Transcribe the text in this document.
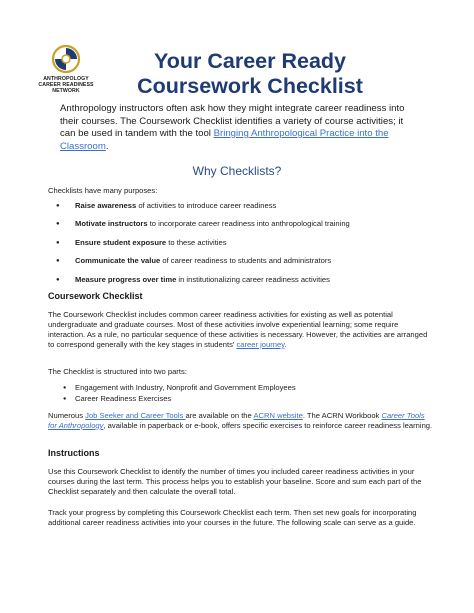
ANTHROPOLOGY
CAREER READINESS
NETWORK
Your Career Ready
Coursework Checklist
Anthropology instructors often ask how they might integrate career readiness into their courses. The Coursework Checklist identifies a variety of course activities; it can be used in tandem with the tool Bringing Anthropological Practice into the Classroom.
Why Checklists?
Checklists have many purposes:
● Raise awareness of activities to introduce career readiness
● Motivate instructors to incorporate career readiness into anthropological training
● Ensure student exposure to these activities
● Communicate the value of career readiness to students and administrators
● Measure progress over time in institutionalizing career readiness activities
Coursework Checklist
The Coursework Checklist includes common career readiness activities for existing as well as potential undergraduate and graduate courses. Most of these activities involve experiential learning; some require interaction. As a rule, no particular sequence of these activities is necessary. However, the activities are arranged to correspond generally with the key stages in students' career journey.
The Checklist is structured into two parts:
● Engagement with Industry, Nonprofit and Government Employees
● Career Readiness Exercises
Numerous Job Seeker and Career Tools are available on the ACRN website. The ACRN Workbook Career Tools for Anthropology, available in paperback or e-book, offers specific exercises to reinforce career readiness learning.
Instructions
Use this Coursework Checklist to identify the number of times you included career readiness activities in your courses during the last term. This process helps you to establish your baseline. Score and sum each part of the Checklist separately and then calculate the overall total.
Track your progress by completing this Coursework Checklist each term. Then set new goals for incorporating additional career readiness activities into your courses in the future. The following scale can serve as a guide.
